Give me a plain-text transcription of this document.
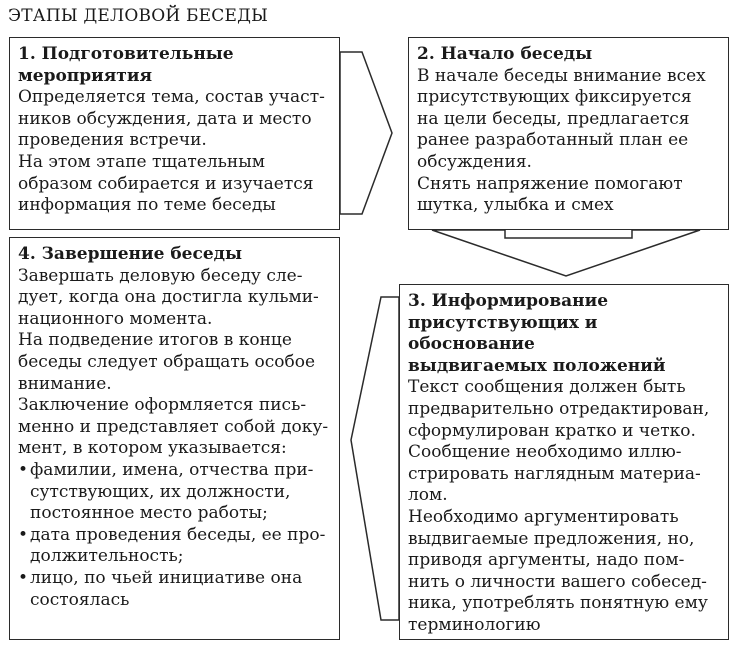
ЭТАПЫ ДЕЛОВОЙ БЕСЕДЫ
1. Подготовительные
мероприятия
Определяется тема, состав участ-
ников обсуждения, дата и место
проведения встречи.
На этом этапе тщательным
образом собирается и изучается
информация по теме беседы
2. Начало беседы
В начале беседы внимание всех
присутствующих фиксируется
на цели беседы, предлагается
ранее разработанный план ее
обсуждения.
Снять напряжение помогают
шутка, улыбка и смех
3. Информирование
присутствующих и обоснование
выдвигаемых положений
Текст сообщения должен быть
предварительно отредактирован,
сформулирован кратко и четко.
Сообщение необходимо иллю-
стрировать наглядным материа-
лом.
Необходимо аргументировать
выдвигаемые предложения, но,
приводя аргументы, надо пом-
нить о личности вашего собесед-
ника, употреблять понятную ему
терминологию
4. Завершение беседы
Завершать деловую беседу сле-
дует, когда она достигла кульми-
национного момента.
На подведение итогов в конце
беседы следует обращать особое
внимание.
Заключение оформляется пись-
менно и представляет собой доку-
мент, в котором указывается:
• фамилии, имена, отчества при-
сутствующих, их должности,
постоянное место работы;
• дата проведения беседы, ее про-
должительность;
• лицо, по чьей инициативе она
состоялась
